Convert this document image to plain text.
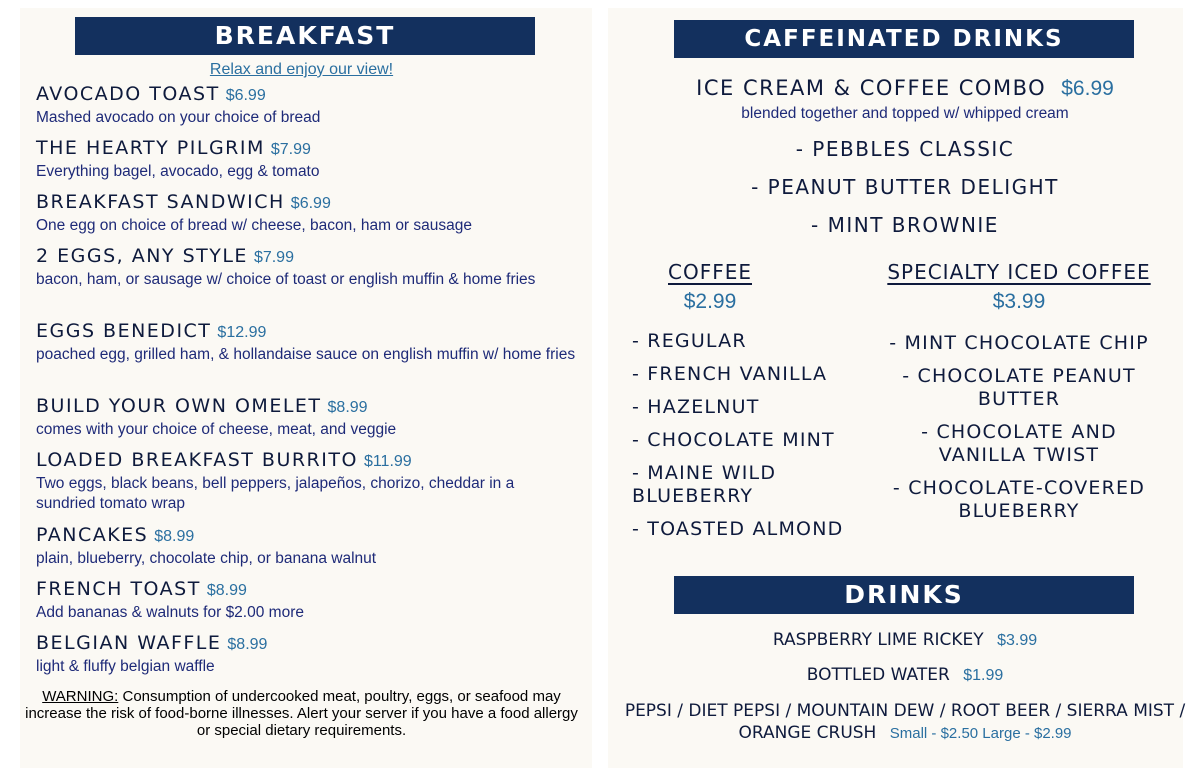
BREAKFAST
Relax and enjoy our view!
AVOCADO TOAST $6.99
Mashed avocado on your choice of bread
THE HEARTY PILGRIM $7.99
Everything bagel, avocado, egg & tomato
BREAKFAST SANDWICH $6.99
One egg on choice of bread w/ cheese, bacon, ham or sausage
2 EGGS, ANY STYLE $7.99
bacon, ham, or sausage w/ choice of toast or english muffin & home fries
EGGS BENEDICT $12.99
poached egg, grilled ham, & hollandaise sauce on english muffin w/ home fries
BUILD YOUR OWN OMELET $8.99
comes with your choice of cheese, meat, and veggie
LOADED BREAKFAST BURRITO $11.99
Two eggs, black beans, bell peppers, jalapeños, chorizo, cheddar in a sundried tomato wrap
PANCAKES $8.99
plain, blueberry, chocolate chip, or banana walnut
FRENCH TOAST $8.99
Add bananas & walnuts for $2.00 more
BELGIAN WAFFLE $8.99
light & fluffy belgian waffle
WARNING: Consumption of undercooked meat, poultry, eggs, or seafood may increase the risk of food-borne illnesses. Alert your server if you have a food allergy or special dietary requirements.
CAFFEINATED DRINKS
ICE CREAM & COFFEE COMBO $6.99
blended together and topped w/ whipped cream
- PEBBLES CLASSIC
- PEANUT BUTTER DELIGHT
- MINT BROWNIE
COFFEE
$2.99
SPECIALTY ICED COFFEE
$3.99
- REGULAR
- FRENCH VANILLA
- HAZELNUT
- CHOCOLATE MINT
- MAINE WILD BLUEBERRY
- TOASTED ALMOND
- MINT CHOCOLATE CHIP
- CHOCOLATE PEANUT BUTTER
- CHOCOLATE AND VANILLA TWIST
- CHOCOLATE-COVERED BLUEBERRY
DRINKS
RASPBERRY LIME RICKEY $3.99
BOTTLED WATER $1.99
PEPSI / DIET PEPSI / MOUNTAIN DEW / ROOT BEER / SIERRA MIST / ORANGE CRUSH Small - $2.50 Large - $2.99
